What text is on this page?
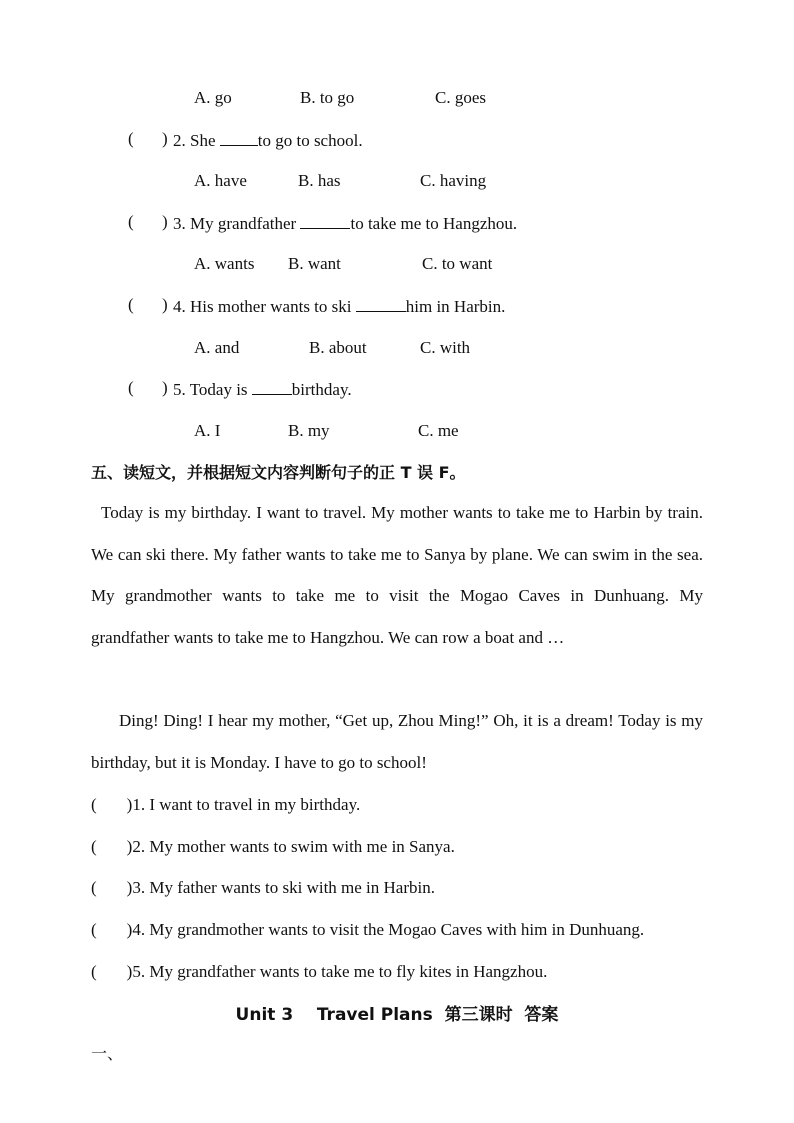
A. go	B. to go	C. goes
( ) 2. She to go to school.
A. have	B. has	C. having
( ) 3. My grandfather	to take me to Hangzhou.
A. wants B. want	C. to want
( ) 4. His mother wants to ski	him in Harbin.
A. and	B. about	C. with
( ) 5. Today is	birthday.
A. I	B. my	C. me
五、读短文，并根据短文内容判断句子的正 T 误 F。
Today is my birthday. I want to travel. My mother wants to take me to Harbin by train. We can ski there. My father wants to take me to Sanya by plane. We can swim in the sea. My grandmother wants to take me to visit the Mogao Caves in Dunhuang. My grandfather wants to take me to Hangzhou. We can row a boat and …
Ding! Ding! I hear my mother, “Get up, Zhou Ming!” Oh, it is a dream! Today is my birthday, but it is Monday. I have to go to school!
( )1. I want to travel in my birthday.
( )2. My mother wants to swim with me in Sanya.
( )3. My father wants to ski with me in Harbin.
( )4. My grandmother wants to visit the Mogao Caves with him in Dunhuang.
( )5. My grandfather wants to take me to fly kites in Hangzhou.
Unit 3    Travel Plans  第三课时  答案
一、
